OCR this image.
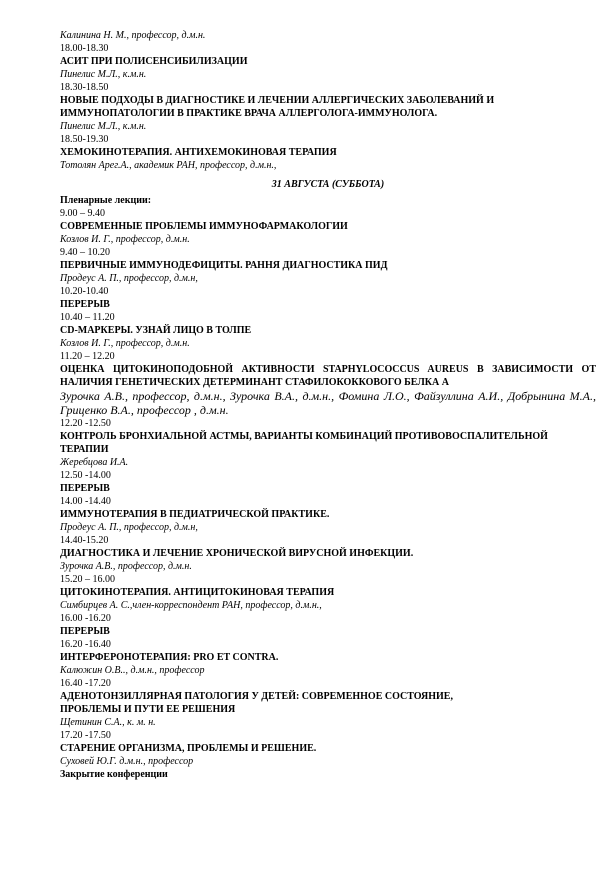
Калинина Н. М., профессор, д.м.н.

18.00-18.30

АСИТ ПРИ ПОЛИСЕНСИБИЛИЗАЦИИ

Пинелис М.Л., к.м.н.

18.30-18.50

НОВЫЕ ПОДХОДЫ В ДИАГНОСТИКЕ И ЛЕЧЕНИИ АЛЛЕРГИЧЕСКИХ ЗАБОЛЕВАНИЙ И ИММУНОПАТОЛОГИИ В ПРАКТИКЕ ВРАЧА АЛЛЕРГОЛОГА-ИММУНОЛОГА.

Пинелис М.Л., к.м.н.

18.50-19.30

ХЕМОКИНОТЕРАПИЯ. АНТИХЕМОКИНОВАЯ ТЕРАПИЯ

Тотолян Арег.А., академик РАН, профессор, д.м.н.,

31 АВГУСТА (СУББОТА)

Пленарные лекции:

9.00 – 9.40

СОВРЕМЕННЫЕ ПРОБЛЕМЫ ИММУНОФАРМАКОЛОГИИ

Козлов И. Г., профессор, д.м.н.

9.40 – 10.20

ПЕРВИЧНЫЕ ИММУНОДЕФИЦИТЫ. РАННЯ ДИАГНОСТИКА ПИД

Продеус А. П., профессор, д.м.н,

10.20-10.40

ПЕРЕРЫВ

10.40 – 11.20

CD-МАРКЕРЫ. УЗНАЙ ЛИЦО В ТОЛПЕ

Козлов И. Г., профессор, д.м.н.

11.20 – 12.20

ОЦЕНКА ЦИТОКИНОПОДОБНОЙ АКТИВНОСТИ STAPHYLOCOCCUS AUREUS В ЗАВИСИМОСТИ ОТ НАЛИЧИЯ ГЕНЕТИЧЕСКИХ ДЕТЕРМИНАНТ СТАФИЛОКОККОВОГО БЕЛКА А

Зурочка А.В., профессор, д.м.н., Зурочка В.А., д.м.н., Фомина Л.О., Файзуллина А.И., Добрынина М.А., Гриценко В.А., профессор , д.м.н.

12.20 -12.50

КОНТРОЛЬ БРОНХИАЛЬНОЙ АСТМЫ, ВАРИАНТЫ КОМБИНАЦИЙ ПРОТИВОВОСПАЛИТЕЛЬНОЙ ТЕРАПИИ

Жеребцова И.А.

12.50 -14.00

ПЕРЕРЫВ

14.00 -14.40

ИММУНОТЕРАПИЯ В ПЕДИАТРИЧЕСКОЙ ПРАКТИКЕ.

Продеус А. П., профессор, д.м.н,

14.40-15.20

ДИАГНОСТИКА И ЛЕЧЕНИЕ ХРОНИЧЕСКОЙ ВИРУСНОЙ ИНФЕКЦИИ.

Зурочка А.В., профессор, д.м.н.

15.20 – 16.00

ЦИТОКИНОТЕРАПИЯ. АНТИЦИТОКИНОВАЯ ТЕРАПИЯ

Симбирцев А. С.,член-корреспондент РАН, профессор, д.м.н.,

16.00 -16.20

ПЕРЕРЫВ

16.20 -16.40

ИНТЕРФЕРОНОТЕРАПИЯ: PRO ET CONTRA.

Калюжин О.В.., д.м.н., профессор

16.40 -17.20

АДЕНОТОНЗИЛЛЯРНАЯ ПАТОЛОГИЯ У ДЕТЕЙ: СОВРЕМЕННОЕ СОСТОЯНИЕ,

ПРОБЛЕМЫ И ПУТИ ЕЕ РЕШЕНИЯ

Щетинин С.А., к. м. н.

17.20 -17.50

СТАРЕНИЕ ОРГАНИЗМА, ПРОБЛЕМЫ И РЕШЕНИЕ.

Суховей Ю.Г. д.м.н., профессор

Закрытие конференции
